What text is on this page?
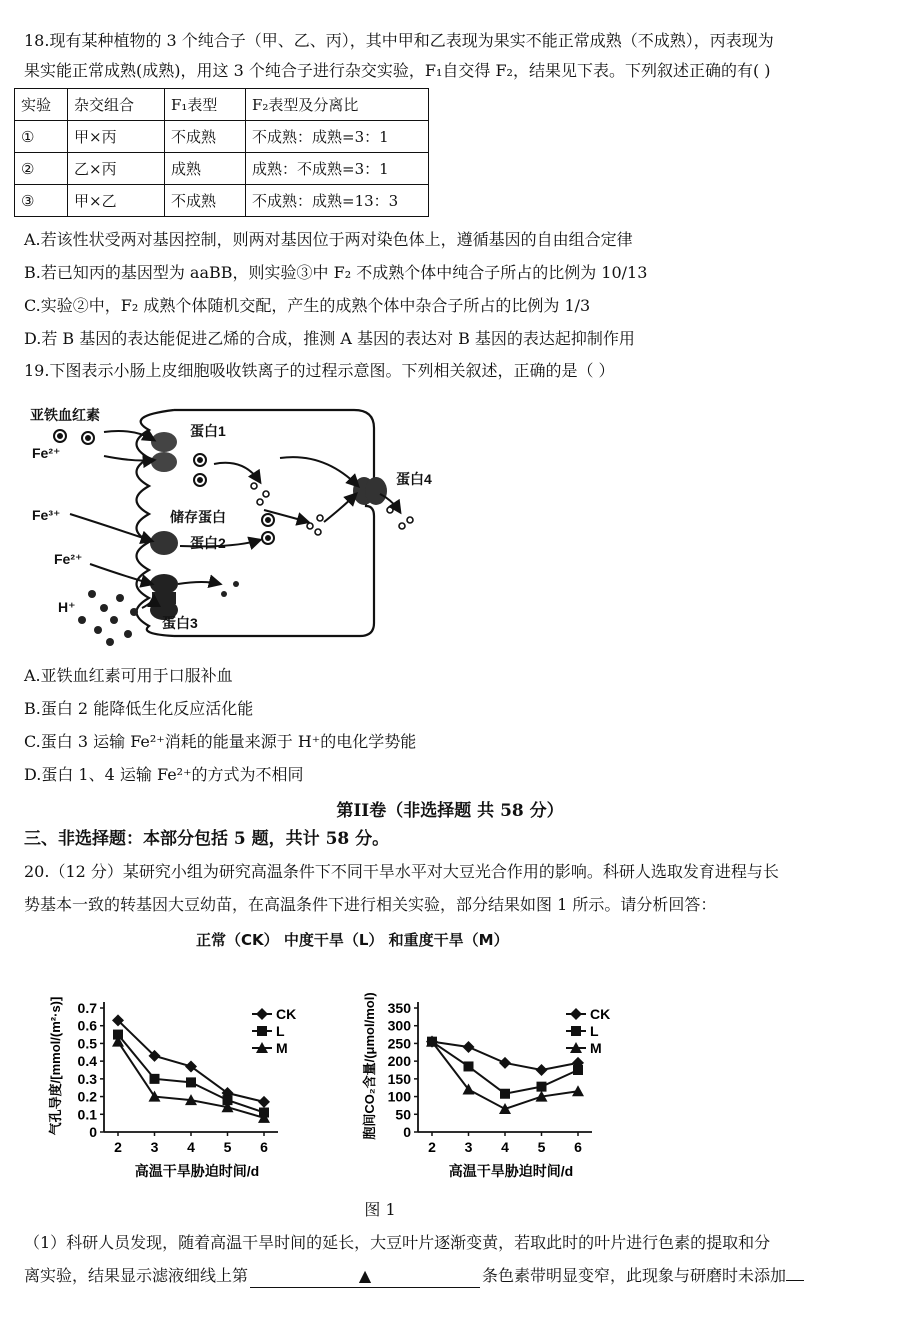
18.现有某种植物的 3 个纯合子（甲、乙、丙），其中甲和乙表现为果实不能正常成熟（不成熟），丙表现为
果实能正常成熟(成熟)，用这 3 个纯合子进行杂交实验，F₁自交得 F₂，结果见下表。下列叙述正确的有( )
实验	杂交组合	F₁表型	F₂表型及分离比
①	甲×丙	不成熟	不成熟：成熟=3：1
②	乙×丙	成熟	成熟：不成熟=3：1
③	甲×乙	不成熟	不成熟：成熟=13：3
A.若该性状受两对基因控制，则两对基因位于两对染色体上，遵循基因的自由组合定律
B.若已知丙的基因型为 aaBB，则实验③中 F₂ 不成熟个体中纯合子所占的比例为 10/13
C.实验②中，F₂ 成熟个体随机交配，产生的成熟个体中杂合子所占的比例为 1/3
D.若 B 基因的表达能促进乙烯的合成，推测 A 基因的表达对 B 基因的表达起抑制作用
19.下图表示小肠上皮细胞吸收铁离子的过程示意图。下列相关叙述，正确的是（ ）
亚铁血红素
Fe²⁺
Fe³⁺
Fe²⁺
H⁺
蛋白1
储存蛋白
蛋白2
蛋白3
蛋白4
A.亚铁血红素可用于口服补血
B.蛋白 2 能降低生化反应活化能
C.蛋白 3 运输 Fe²⁺消耗的能量来源于 H⁺的电化学势能
D.蛋白 1、4 运输 Fe²⁺的方式为不相同
第II卷（非选择题 共 58 分）
三、非选择题：本部分包括 5 题，共计 58 分。
20.（12 分）某研究小组为研究高温条件下不同干旱水平对大豆光合作用的影响。科研人选取发育进程与长
势基本一致的转基因大豆幼苗，在高温条件下进行相关实验，部分结果如图 1 所示。请分析回答：
正常（CK） 中度干旱（L） 和重度干旱（M）
0
0.1
0.2
0.3
0.4
0.5
0.6
0.7
2 3 4 5 6
高温干旱胁迫时间/d
气孔导度/[mmol/(m²·s)]	CK
L
M
0
50
100
150
200
250
300
350
2 3 4 5 6
高温干旱胁迫时间/d
胞间CO₂含量/(μmol/mol)	CK
L
M
图 1
（1）科研人员发现，随着高温干旱时间的延长，大豆叶片逐渐变黄，若取此时的叶片进行色素的提取和分
离实验，结果显示滤液细线上第	▲	条色素带明显变窄，此现象与研磨时未添加
